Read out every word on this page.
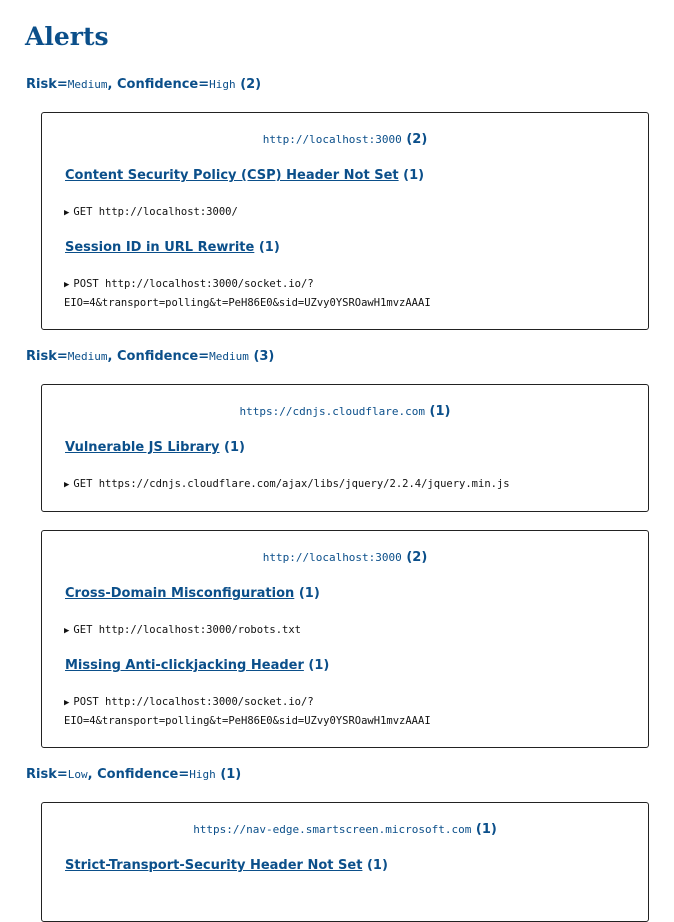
Alerts
Risk=Medium, Confidence=High (2)
http://localhost:3000 (2)
Content Security Policy (CSP) Header Not Set (1)
▶ GET http://localhost:3000/
Session ID in URL Rewrite (1)
▶ POST http://localhost:3000/socket.io/?
EIO=4&transport=polling&t=PeH86E0&sid=UZvy0YSROawH1mvzAAAI
Risk=Medium, Confidence=Medium (3)
https://cdnjs.cloudflare.com (1)
Vulnerable JS Library (1)
▶ GET https://cdnjs.cloudflare.com/ajax/libs/jquery/2.2.4/jquery.min.js
http://localhost:3000 (2)
Cross-Domain Misconfiguration (1)
▶ GET http://localhost:3000/robots.txt
Missing Anti-clickjacking Header (1)
▶ POST http://localhost:3000/socket.io/?
EIO=4&transport=polling&t=PeH86E0&sid=UZvy0YSROawH1mvzAAAI
Risk=Low, Confidence=High (1)
https://nav-edge.smartscreen.microsoft.com (1)
Strict-Transport-Security Header Not Set (1)
